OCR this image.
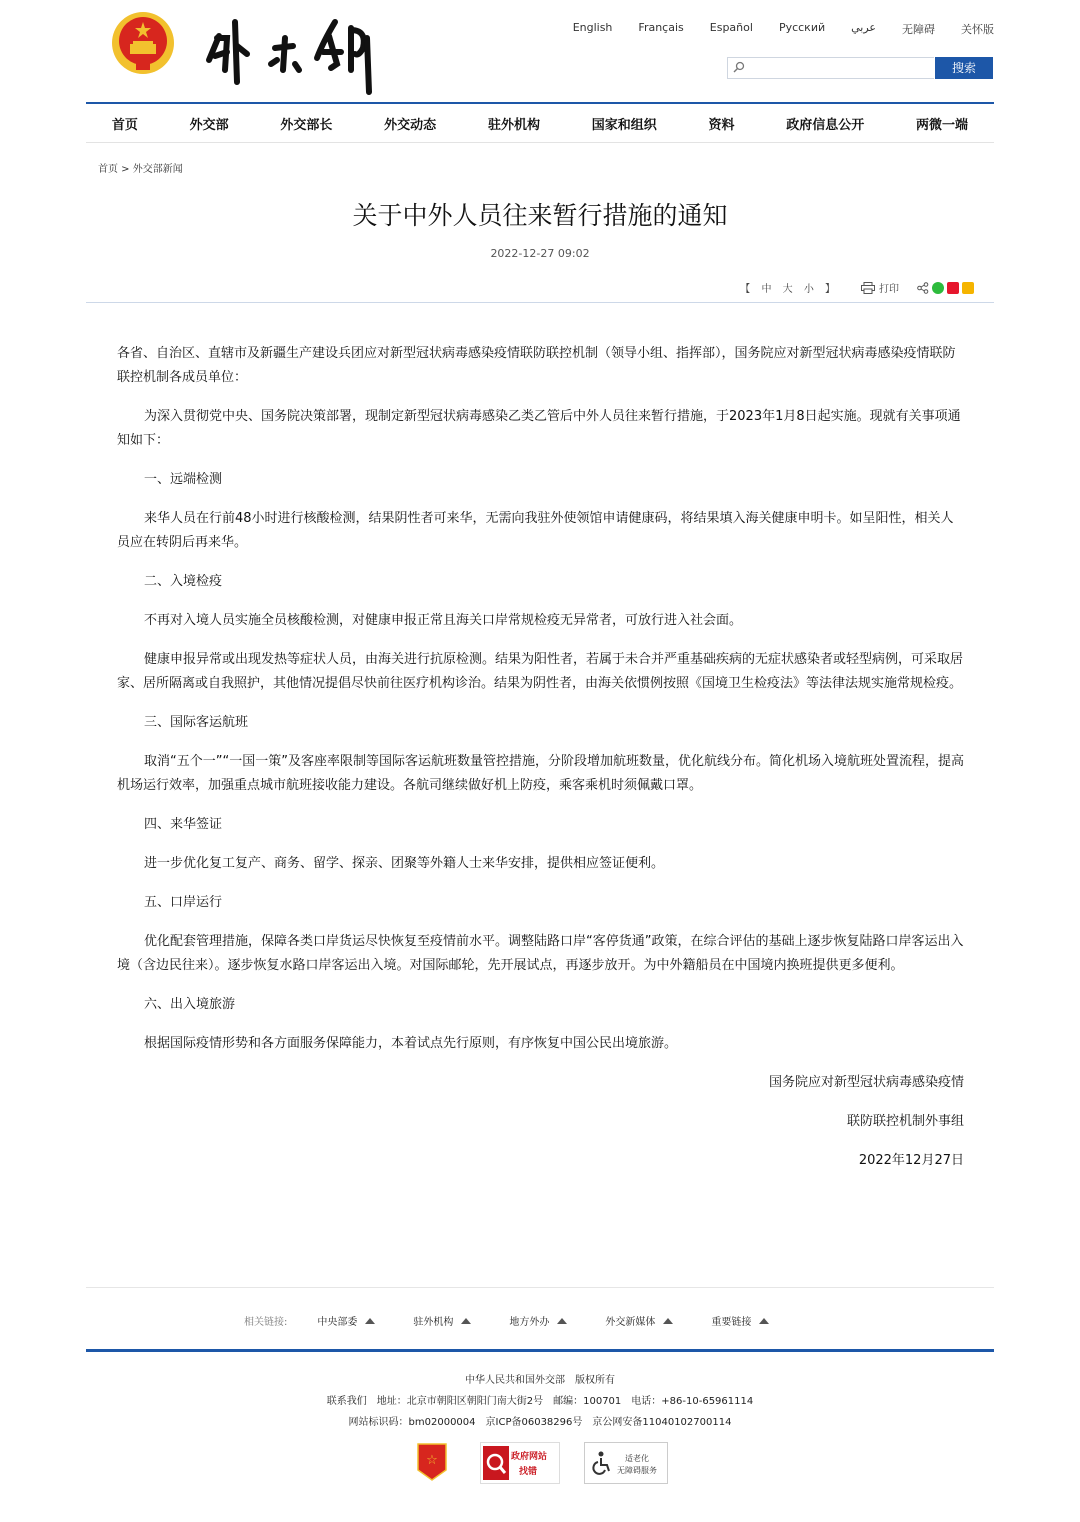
English Français Español Русский عربي 无障碍 关怀版
搜索
首页	外交部	外交部长	外交动态	驻外机构	国家和组织	资料	政府信息公开	两微一端
首页 > 外交部新闻
关于中外人员往来暂行措施的通知
2022-12-27 09:02
【 中 大 小 】	打印

各省、自治区、直辖市及新疆生产建设兵团应对新型冠状病毒感染疫情联防联控机制（领导小组、指挥部），国务院应对新型冠状病毒感染疫情联防联控机制各成员单位：

为深入贯彻党中央、国务院决策部署，现制定新型冠状病毒感染乙类乙管后中外人员往来暂行措施，于2023年1月8日起实施。现就有关事项通知如下：

一、远端检测

来华人员在行前48小时进行核酸检测，结果阴性者可来华，无需向我驻外使领馆申请健康码，将结果填入海关健康申明卡。如呈阳性，相关人员应在转阴后再来华。

二、入境检疫

不再对入境人员实施全员核酸检测，对健康申报正常且海关口岸常规检疫无异常者，可放行进入社会面。

健康申报异常或出现发热等症状人员，由海关进行抗原检测。结果为阳性者，若属于未合并严重基础疾病的无症状感染者或轻型病例，可采取居家、居所隔离或自我照护，其他情况提倡尽快前往医疗机构诊治。结果为阴性者，由海关依惯例按照《国境卫生检疫法》等法律法规实施常规检疫。

三、国际客运航班

取消“五个一”“一国一策”及客座率限制等国际客运航班数量管控措施，分阶段增加航班数量，优化航线分布。简化机场入境航班处置流程，提高机场运行效率，加强重点城市航班接收能力建设。各航司继续做好机上防疫，乘客乘机时须佩戴口罩。

四、来华签证

进一步优化复工复产、商务、留学、探亲、团聚等外籍人士来华安排，提供相应签证便利。

五、口岸运行

优化配套管理措施，保障各类口岸货运尽快恢复至疫情前水平。调整陆路口岸“客停货通”政策，在综合评估的基础上逐步恢复陆路口岸客运出入境（含边民往来）。逐步恢复水路口岸客运出入境。对国际邮轮，先开展试点，再逐步放开。为中外籍船员在中国境内换班提供更多便利。

六、出入境旅游

根据国际疫情形势和各方面服务保障能力，本着试点先行原则，有序恢复中国公民出境旅游。

国务院应对新型冠状病毒感染疫情

联防联控机制外事组

2022年12月27日

相关链接:	中央部委	驻外机构	地方外办	外交新媒体	重要链接
中华人民共和国外交部　版权所有
联系我们　地址：北京市朝阳区朝阳门南大街2号　邮编：100701　电话：+86-10-65961114
网站标识码：bm02000004　京ICP备06038296号　京公网安备11040102700114
☆	政府网站
找错
适老化
无障碍服务
